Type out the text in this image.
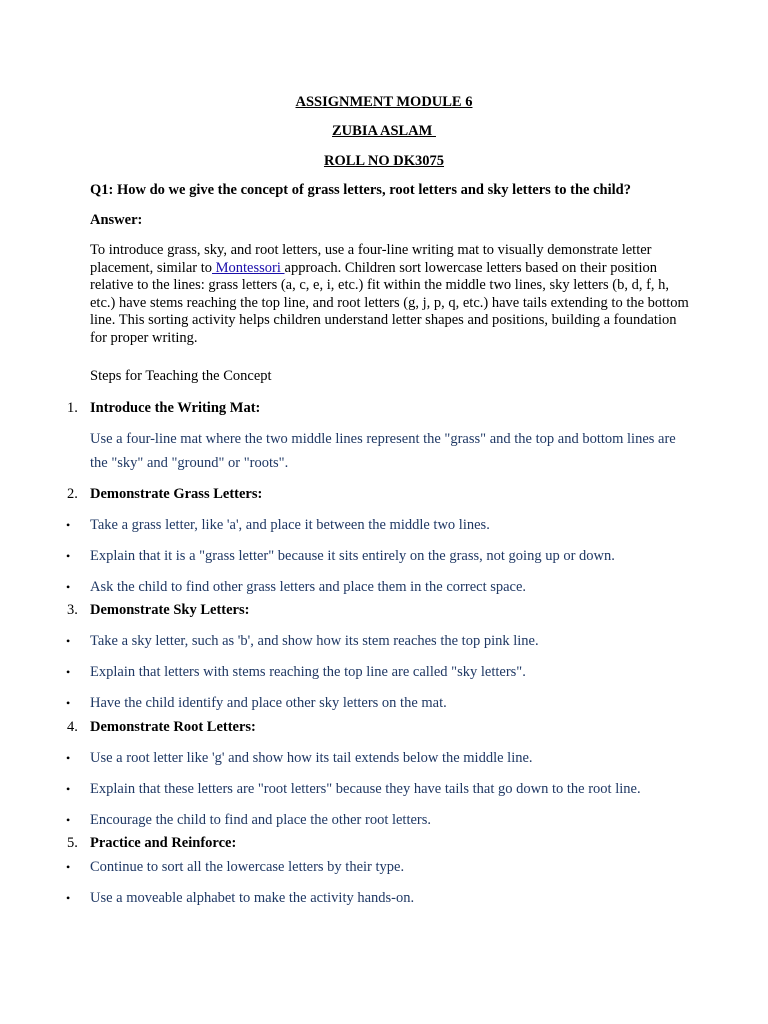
ASSIGNMENT MODULE 6
ZUBIA ASLAM
ROLL NO DK3075
Q1: How do we give the concept of grass letters, root letters and sky letters to the child?
Answer:
To introduce grass, sky, and root letters, use a four-line writing mat to visually demonstrate letter placement, similar to Montessori approach. Children sort lowercase letters based on their position relative to the lines: grass letters (a, c, e, i, etc.) fit within the middle two lines, sky letters (b, d, f, h, etc.) have stems reaching the top line, and root letters (g, j, p, q, etc.) have tails extending to the bottom line. This sorting activity helps children understand letter shapes and positions, building a foundation for proper writing.
Steps for Teaching the Concept
1. Introduce the Writing Mat:
Use a four-line mat where the two middle lines represent the "grass" and the top and bottom lines are the "sky" and "ground" or "roots".
2. Demonstrate Grass Letters:
• Take a grass letter, like 'a', and place it between the middle two lines.
• Explain that it is a "grass letter" because it sits entirely on the grass, not going up or down.
• Ask the child to find other grass letters and place them in the correct space.
3. Demonstrate Sky Letters:
• Take a sky letter, such as 'b', and show how its stem reaches the top pink line.
• Explain that letters with stems reaching the top line are called "sky letters".
• Have the child identify and place other sky letters on the mat.
4. Demonstrate Root Letters:
• Use a root letter like 'g' and show how its tail extends below the middle line.
• Explain that these letters are "root letters" because they have tails that go down to the root line.
• Encourage the child to find and place the other root letters.
5. Practice and Reinforce:
• Continue to sort all the lowercase letters by their type.
• Use a moveable alphabet to make the activity hands-on.
